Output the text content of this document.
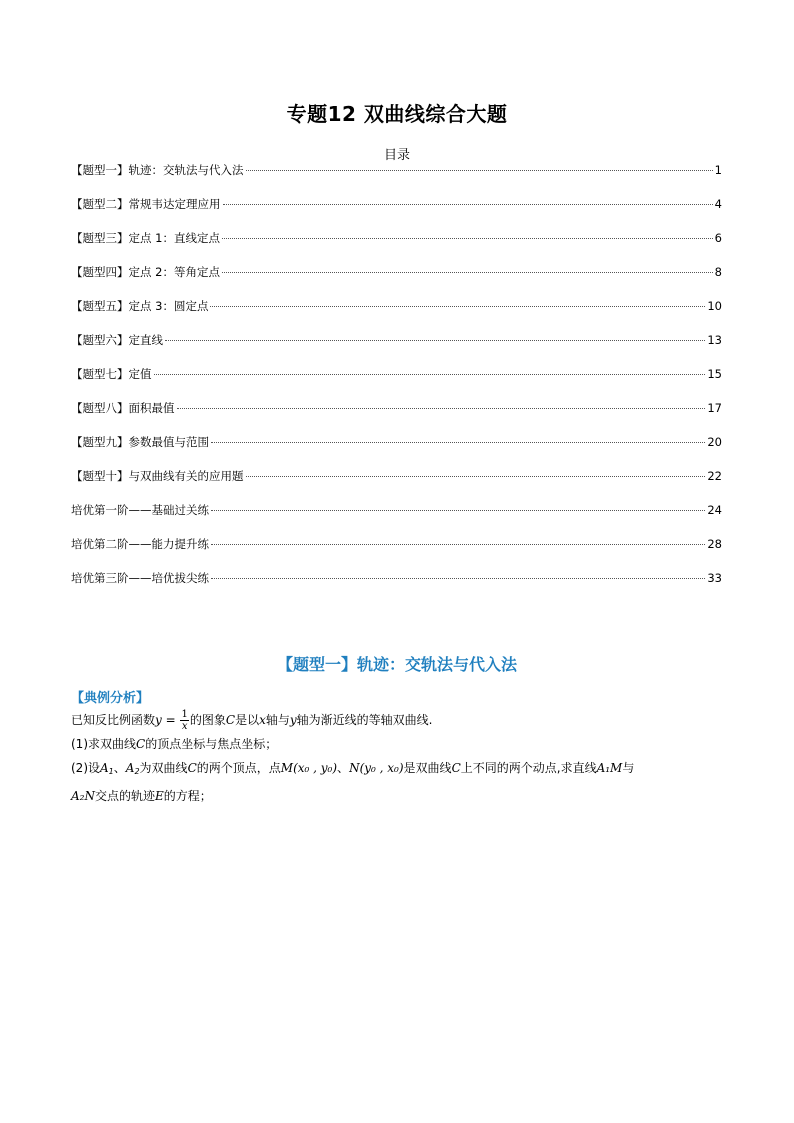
专题12 双曲线综合大题
目录
【题型一】轨迹：交轨法与代入法	1
【题型二】常规韦达定理应用	4
【题型三】定点 1：直线定点	6
【题型四】定点 2：等角定点	8
【题型五】定点 3：圆定点	10
【题型六】定直线	13
【题型七】定值	15
【题型八】面积最值	17
【题型九】参数最值与范围	20
【题型十】与双曲线有关的应用题	22
培优第一阶——基础过关练	24
培优第二阶——能力提升练	28
培优第三阶——培优拔尖练	33
【题型一】轨迹：交轨法与代入法
【典例分析】
已知反比例函数$y = \frac{1}{x}$ 的图象C是以x轴与y轴为渐近线的等轴双曲线.
(1)求双曲线C的顶点坐标与焦点坐标；
(2)设$A_1$、$A_2$为双曲线C的两个顶点，点M(x₀ , y₀)、N(y₀ , x₀)是双曲线C上不同的两个动点,求直线A₁M与
A₂N交点的轨迹E的方程；
